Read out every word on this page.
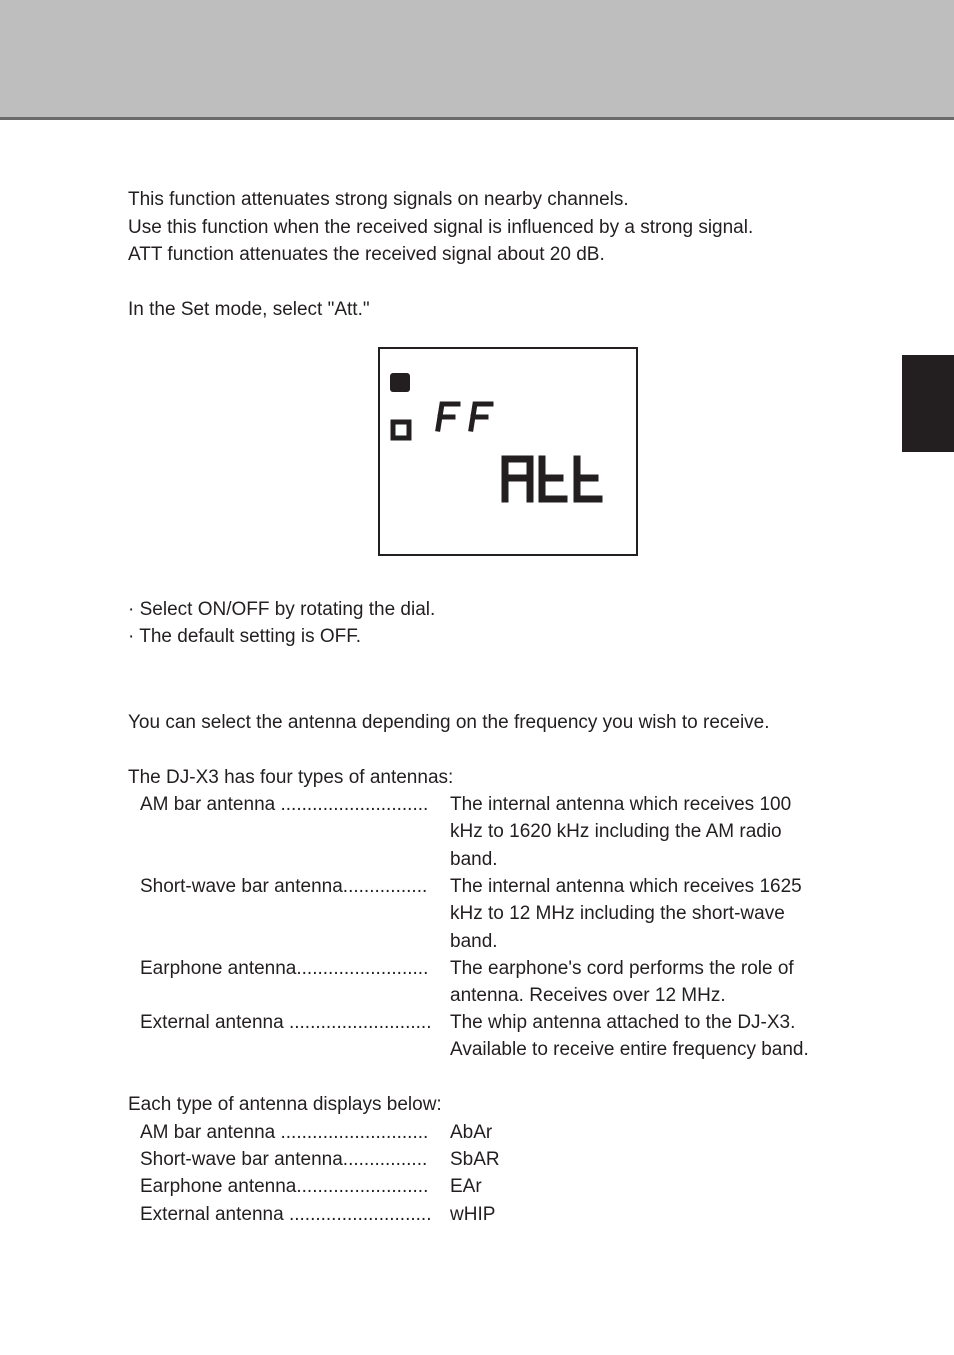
This function attenuates strong signals on nearby channels.

Use this function when the received signal is influenced by a strong signal.

ATT function attenuates the received signal about 20 dB.

In the Set mode, select "Att."

· Select ON/OFF by rotating the dial.

· The default setting is OFF.

You can select the antenna depending on the frequency you wish to receive.

The DJ-X3 has four types of antennas:

AM bar antenna ............................	The internal antenna which receives 100
kHz to 1620 kHz including the AM radio
band.
Short-wave bar antenna................	The internal antenna which receives 1625
kHz to 12 MHz including the short-wave
band.
Earphone antenna.........................	The earphone's cord performs the role of
antenna. Receives over 12 MHz.
External antenna ........................... The whip antenna attached to the DJ-X3.
Available to receive entire frequency band.

Each type of antenna displays below:

AM bar antenna ............................	AbAr
Short-wave bar antenna................	SbAR
Earphone antenna.........................	EAr
External antenna ........................... wHIP
